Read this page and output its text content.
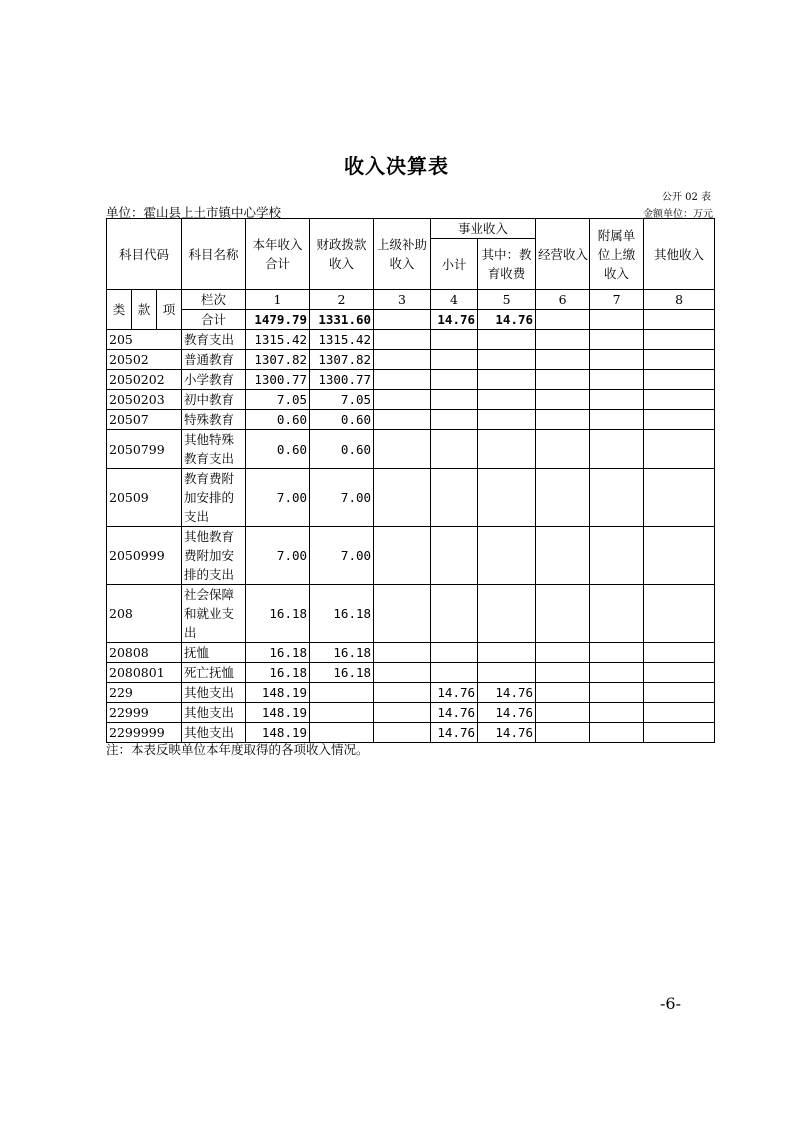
收入决算表
公开 02 表
单位：霍山县上土市镇中心学校	金额单位：万元
科目代码			科目名称	本年收入合计	财政拨款收入	上级补助收入	事业收入		经营收入	附属单位上缴收入	其他收入
							小计	其中：教育收费			

类	款	项	栏次	1	2	3	4	5	6	7	8
			合计	1479.79	1331.60		14.76	14.76			
205			教育支出	1315.42	1315.42						
20502			普通教育	1307.82	1307.82						
2050202			小学教育	1300.77	1300.77						
2050203			初中教育	7.05	7.05						
20507			特殊教育	0.60	0.60						
2050799			其他特殊教育支出	0.60	0.60						
20509			教育费附加安排的支出	7.00	7.00						
2050999			其他教育费附加安排的支出	7.00	7.00						
208			社会保障和就业支出	16.18	16.18						
20808			抚恤	16.18	16.18						
2080801			死亡抚恤	16.18	16.18						
229			其他支出	148.19			14.76	14.76			
22999			其他支出	148.19			14.76	14.76			
2299999			其他支出	148.19			14.76	14.76			
注：本表反映单位本年度取得的各项收入情况。
-6-
